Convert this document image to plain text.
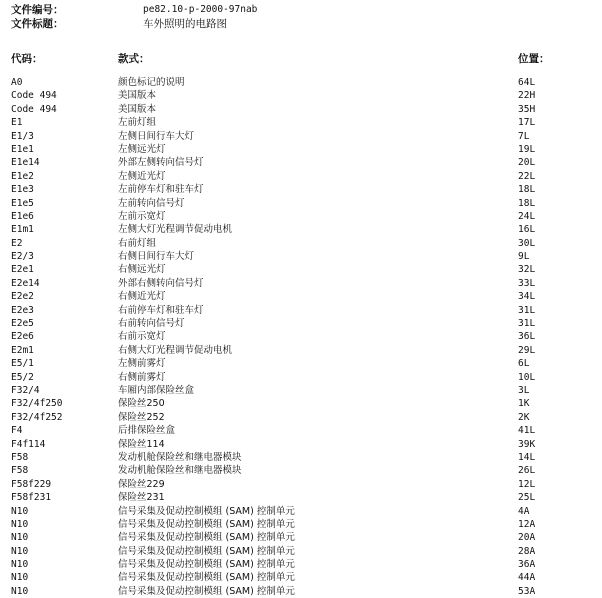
文件编号：	pe82.10-p-2000-97nab
文件标题：	车外照明的电路图
代码：	款式：	位置：
A0	颜色标记的说明	64L
Code 494	美国版本	22H
Code 494	美国版本	35H
E1	左前灯组	17L
E1/3	左侧日间行车大灯	7L
E1e1	左侧远光灯	19L
E1e14	外部左侧转向信号灯	20L
E1e2	左侧近光灯	22L
E1e3	左前停车灯和驻车灯	18L
E1e5	左前转向信号灯	18L
E1e6	左前示宽灯	24L
E1m1	左侧大灯光程调节促动电机	16L
E2	右前灯组	30L
E2/3	右侧日间行车大灯	9L
E2e1	右侧远光灯	32L
E2e14	外部右侧转向信号灯	33L
E2e2	右侧近光灯	34L
E2e3	右前停车灯和驻车灯	31L
E2e5	右前转向信号灯	31L
E2e6	右前示宽灯	36L
E2m1	右侧大灯光程调节促动电机	29L
E5/1	左侧前雾灯	6L
E5/2	右侧前雾灯	10L
F32/4	车厢内部保险丝盒	3L
F32/4f250	保险丝250	1K
F32/4f252	保险丝252	2K
F4	后排保险丝盒	41L
F4f114	保险丝114	39K
F58	发动机舱保险丝和继电器模块	14L
F58	发动机舱保险丝和继电器模块	26L
F58f229	保险丝229	12L
F58f231	保险丝231	25L
N10	信号采集及促动控制模组 (SAM) 控制单元	4A
N10	信号采集及促动控制模组 (SAM) 控制单元	12A
N10	信号采集及促动控制模组 (SAM) 控制单元	20A
N10	信号采集及促动控制模组 (SAM) 控制单元	28A
N10	信号采集及促动控制模组 (SAM) 控制单元	36A
N10	信号采集及促动控制模组 (SAM) 控制单元	44A
N10	信号采集及促动控制模组 (SAM) 控制单元	53A
